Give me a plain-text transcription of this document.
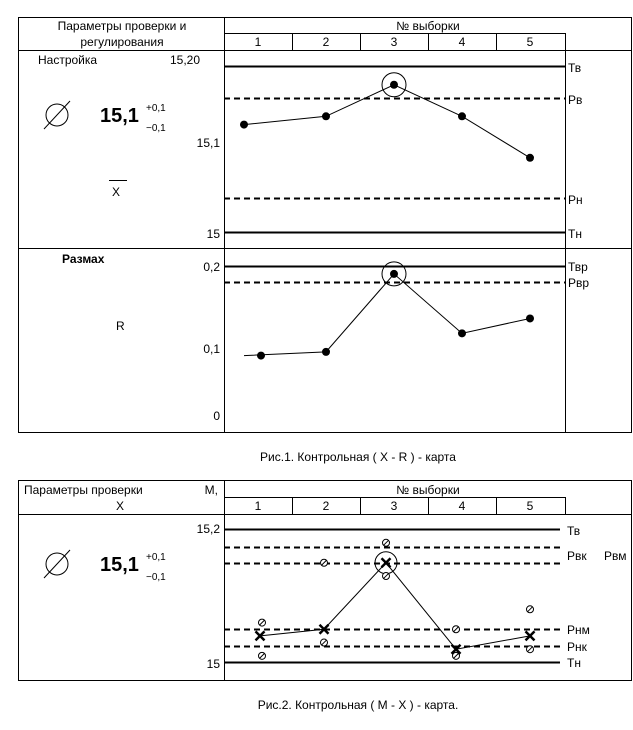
Параметры проверки и
регулирования
№ выборки
1	2	3	4	5
Настройка	15,20
15,1 +0,1
−0,1
X
15,1
15
Тв
Рв
Рн
Тн
Размах
R
0,2
0,1
0
Твр
Рвр
Рис.1. Контрольная ( X - R ) - карта
Параметры проверки	М,
X
№ выборки
1	2	3	4	5
15,1 +0,1
−0,1
15,2
15
Тв
Рвк Рвм
Рнм
Рнк
Тн
Рис.2. Контрольная ( М - X ) - карта.
